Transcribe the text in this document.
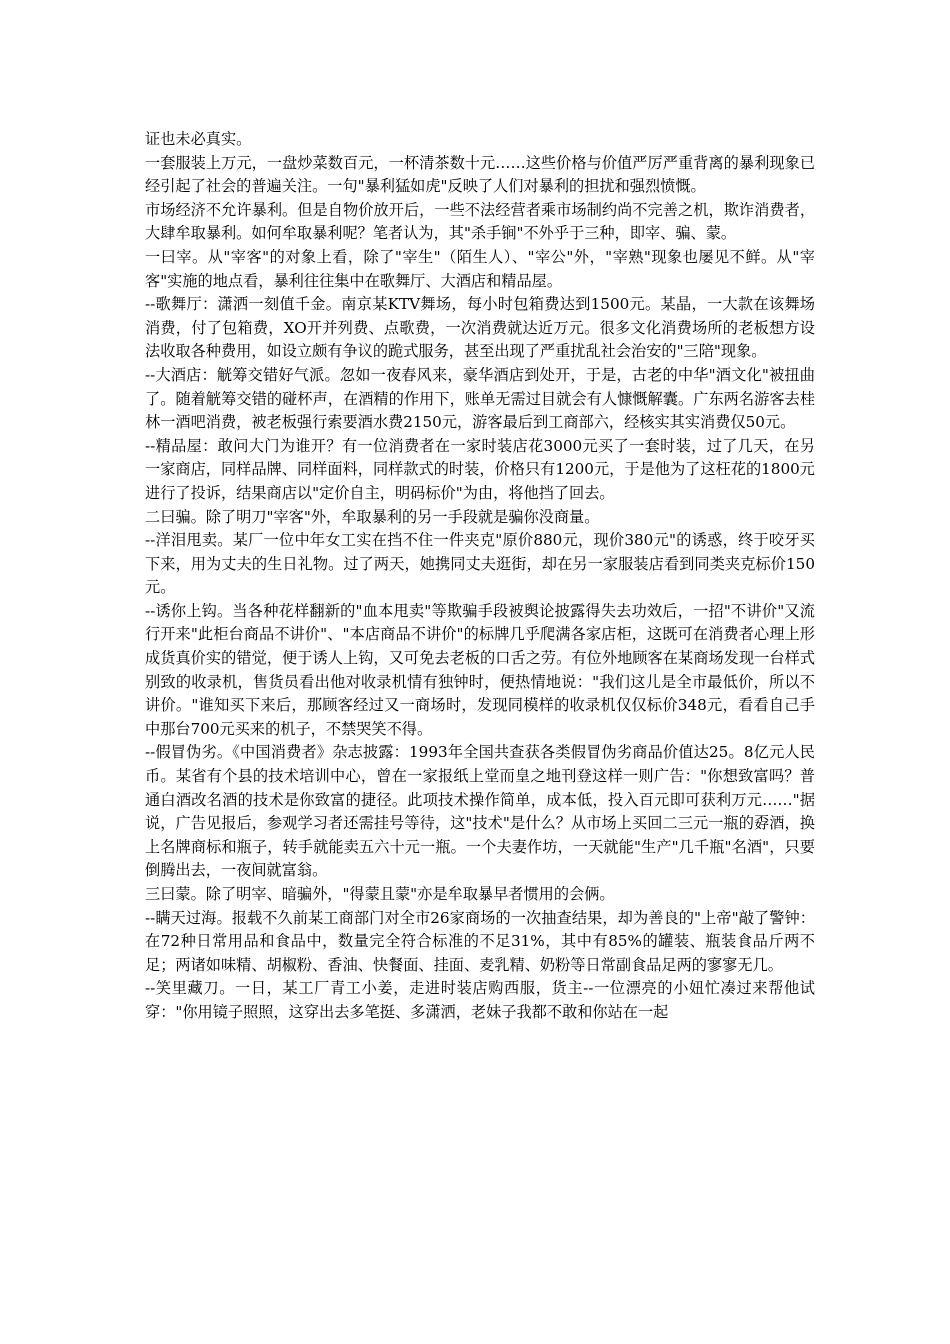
证也未必真实。

一套服装上万元，一盘炒菜数百元，一杯清茶数十元……这些价格与价值严厉严重背离的暴利现象已经引起了社会的普遍关注。一句"暴利猛如虎"反映了人们对暴利的担扰和强烈愤慨。

市场经济不允许暴利。但是自物价放开后，一些不法经营者乘市场制约尚不完善之机，欺诈消费者，大肆牟取暴利。如何牟取暴利呢？笔者认为，其"杀手锏"不外乎于三种，即宰、骗、蒙。

一曰宰。从"宰客"的对象上看，除了"宰生"（陌生人）、"宰公"外，"宰熟"现象也屡见不鲜。从"宰客"实施的地点看，暴利往往集中在歌舞厅、大酒店和精品屋。

--歌舞厅：潇洒一刻值千金。南京某KTV舞场，每小时包箱费达到1500元。某晶，一大款在该舞场消费，付了包箱费，XO开并列费、点歌费，一次消费就达近万元。很多文化消费场所的老板想方设法收取各种费用，如设立颇有争议的跪式服务，甚至出现了严重扰乱社会治安的"三陪"现象。

--大酒店：觥筹交错好气派。忽如一夜春风来，豪华酒店到处开，于是，古老的中华"酒文化"被扭曲了。随着觥筹交错的碰杯声，在酒精的作用下，账单无需过目就会有人慷慨解囊。广东两名游客去桂林一酒吧消费，被老板强行索要酒水费2150元，游客最后到工商部六，经核实其实消费仅50元。

--精品屋：敢问大门为谁开？有一位消费者在一家时装店花3000元买了一套时装，过了几天，在另一家商店，同样品牌、同样面料，同样款式的时装，价格只有1200元，于是他为了这枉花的1800元进行了投诉，结果商店以"定价自主，明码标价"为由，将他挡了回去。

二曰骗。除了明刀"宰客"外，牟取暴利的另一手段就是骗你没商量。

--洋泪甩卖。某厂一位中年女工实在挡不住一件夹克"原价880元，现价380元"的诱惑，终于咬牙买下来，用为丈夫的生日礼物。过了两天，她携同丈夫逛街，却在另一家服装店看到同类夹克标价150元。

--诱你上钩。当各种花样翻新的"血本甩卖"等欺骗手段被舆论披露得失去功效后，一招"不讲价"又流行开来"此柜台商品不讲价"、"本店商品不讲价"的标牌几乎爬满各家店柜，这既可在消费者心理上形成货真价实的错觉，便于诱人上钩，又可免去老板的口舌之劳。有位外地顾客在某商场发现一台样式别致的收录机，售货员看出他对收录机情有独钟时，便热情地说："我们这儿是全市最低价，所以不讲价。"谁知买下来后，那顾客经过又一商场时，发现同模样的收录机仅仅标价348元，看看自己手中那台700元买来的机子，不禁哭笑不得。

--假冒伪劣。《中国消费者》杂志披露：1993年全国共查获各类假冒伪劣商品价值达25。8亿元人民币。某省有个县的技术培训中心，曾在一家报纸上堂而皇之地刊登这样一则广告："你想致富吗？普通白酒改名酒的技术是你致富的捷径。此项技术操作简单，成本低，投入百元即可获利万元……"据说，广告见报后，参观学习者还需挂号等待，这"技术"是什么？从市场上买回二三元一瓶的孬酒，换上名牌商标和瓶子，转手就能卖五六十元一瓶。一个夫妻作坊，一天就能"生产"几千瓶"名酒"，只要倒腾出去，一夜间就富翁。

三曰蒙。除了明宰、暗骗外，"得蒙且蒙"亦是牟取暴早者惯用的会俩。

--瞒天过海。报载不久前某工商部门对全市26家商场的一次抽查结果，却为善良的"上帝"敲了警钟：在72种日常用品和食品中，数量完全符合标准的不足31%，其中有85%的罐装、瓶装食品斤两不足；两诸如味精、胡椒粉、香油、快餐面、挂面、麦乳精、奶粉等日常副食品足两的寥寥无几。

--笑里藏刀。一日，某工厂青工小姜，走进时装店购西服，货主--一位漂亮的小妞忙凑过来帮他试穿："你用镜子照照，这穿出去多笔挺、多潇洒，老妹子我都不敢和你站在一起
